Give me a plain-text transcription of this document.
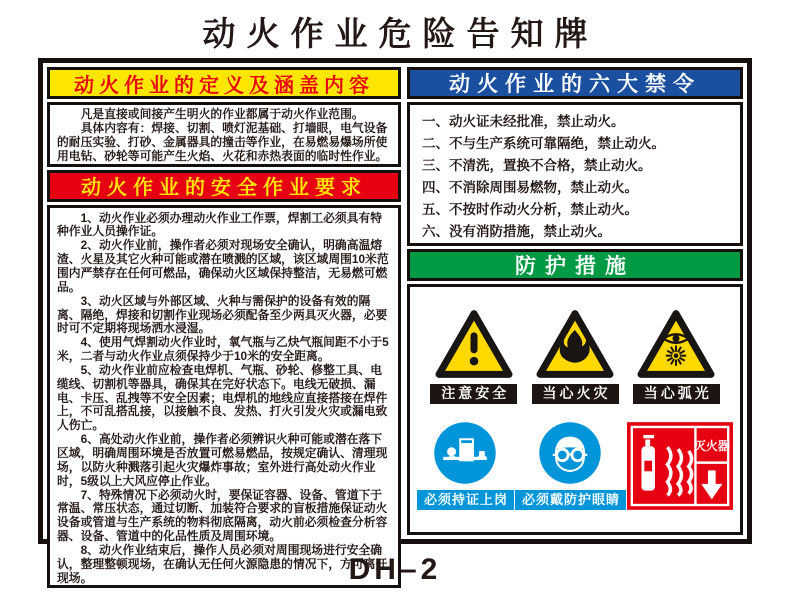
动火作业危险告知牌
动火作业的定义及涵盖内容

凡是直接或间接产生明火的作业都属于动火作业范围。

具体内容有：焊接、切割、喷灯泥基础、打墙眼，电气设备的耐压实验、打砂、金属器具的撞击等作业，在易燃易爆场所使用电钻、砂轮等可能产生火焰、火花和赤热表面的临时性作业。

动火作业的安全作业要求

1、动火作业必须办理动火作业工作票，焊割工必须具有特种作业人员操作证。

2、动火作业前，操作者必须对现场安全确认，明确高温熔渣、火星及其它火种可能或潜在喷溅的区域，该区域周围10米范围内严禁存在任何可燃品，确保动火区域保持整洁，无易燃可燃品。

3、动火区域与外部区域、火种与需保护的设备有效的隔离、隔绝，焊接和切割作业现场必须配备至少两具灭火器，必要时可不定期将现场洒水浸湿。

4、使用气焊割动火作业时，氧气瓶与乙炔气瓶间距不小于5米，二者与动火作业点须保持少于10米的安全距离。

5、动火作业前应检查电焊机、气瓶、砂轮、修整工具、电缆线、切割机等器具，确保其在完好状态下。电线无破损、漏电、卡压、乱拽等不安全因素；电焊机的地线应直接搭接在焊件上，不可乱搭乱接，以接触不良、发热、打火引发火灾或漏电致人伤亡。

6、高处动火作业前，操作者必须辨识火种可能或潜在落下区域，明确周围环境是否放置可燃易燃品，按规定确认、清理现场，以防火种溅落引起火灾爆炸事故；室外进行高处动火作业时，5级以上大风应停止作业。

7、特殊情况下必须动火时，要保证容器、设备、管道下于常温、常压状态，通过切断、加装符合要求的盲板措施保证动火设备或管道与生产系统的物料彻底隔离，动火前必须检查分析容器、设备、管道中的化品性质及周围环境。

8、动火作业结束后，操作人员必须对周围现场进行安全确认，整理整顿现场，在确认无任何火源隐患的情况下，方可离开现场。

动火作业的六大禁令

一、动火证未经批准，禁止动火。

二、不与生产系统可靠隔绝，禁止动火。

三、不清洗，置换不合格，禁止动火。

四、不消除周围易燃物，禁止动火。

五、不按时作动火分析，禁止动火。

六、没有消防措施，禁止动火。

防护措施
注意安全	当心火灾	当心弧光
必须持证上岗	必须戴防护眼睛
灭火器
DH–2
